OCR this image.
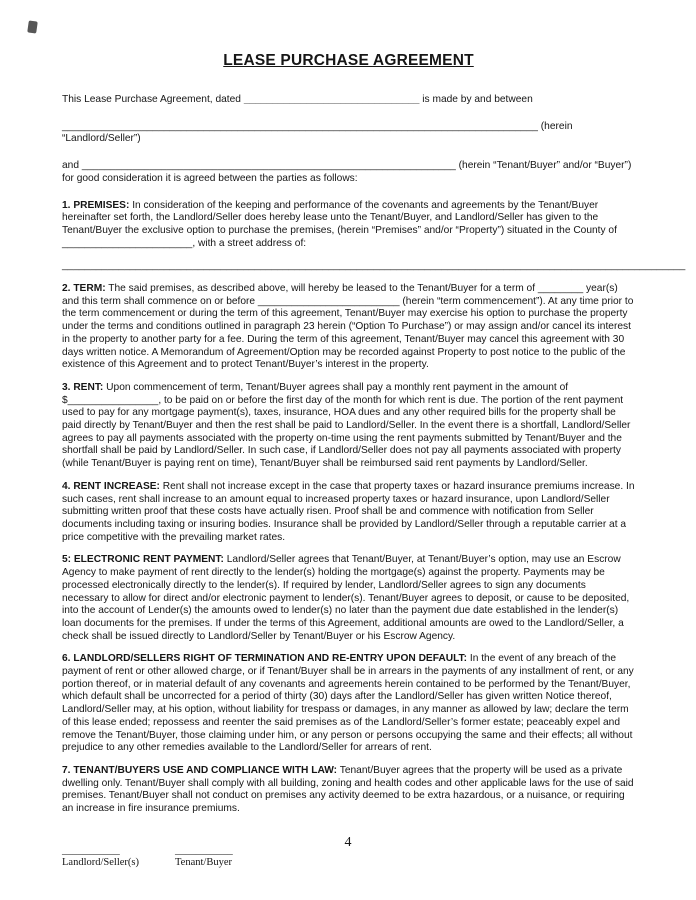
LEASE PURCHASE AGREEMENT

This Lease Purchase Agreement, dated _______________________________ is made by and between

____________________________________________________________________________________ (herein “Landlord/Seller”)

and __________________________________________________________________ (herein “Tenant/Buyer” and/or “Buyer”) for good consideration it is agreed between the parties as follows:

1. PREMISES: In consideration of the keeping and performance of the covenants and agreements by the Tenant/Buyer hereinafter set forth, the Landlord/Seller does hereby lease unto the Tenant/Buyer, and Landlord/Seller has given to the Tenant/Buyer the exclusive option to purchase the premises, (herein “Premises” and/or “Property”) situated in the County of _______________________, with a street address of:

______________________________________________________________________________________________________________

2. TERM: The said premises, as described above, will hereby be leased to the Tenant/Buyer for a term of ________ year(s) and this term shall commence on or before _________________________ (herein “term commencement”). At any time prior to the term commencement or during the term of this agreement, Tenant/Buyer may exercise his option to purchase the property under the terms and conditions outlined in paragraph 23 herein (“Option To Purchase”) or may assign and/or cancel its interest in the property to another party for a fee. During the term of this agreement, Tenant/Buyer may cancel this agreement with 30 days written notice. A Memorandum of Agreement/Option may be recorded against Property to post notice to the public of the existence of this Agreement and to protect Tenant/Buyer’s interest in the property.

3. RENT: Upon commencement of term, Tenant/Buyer agrees shall pay a monthly rent payment in the amount of $________________, to be paid on or before the first day of the month for which rent is due. The portion of the rent payment used to pay for any mortgage payment(s), taxes, insurance, HOA dues and any other required bills for the property shall be paid directly by Tenant/Buyer and then the rest shall be paid to Landlord/Seller. In the event there is a shortfall, Landlord/Seller agrees to pay all payments associated with the property on-time using the rent payments submitted by Tenant/Buyer and the shortfall shall be paid by Landlord/Seller. In such case, if Landlord/Seller does not pay all payments associated with property (while Tenant/Buyer is paying rent on time), Tenant/Buyer shall be reimbursed said rent payments by Landlord/Seller.

4. RENT INCREASE: Rent shall not increase except in the case that property taxes or hazard insurance premiums increase. In such cases, rent shall increase to an amount equal to increased property taxes or hazard insurance, upon Landlord/Seller submitting written proof that these costs have actually risen. Proof shall be and commence with notification from Seller documents including taxing or insuring bodies. Insurance shall be provided by Landlord/Seller through a reputable carrier at a price competitive with the prevailing market rates.

5: ELECTRONIC RENT PAYMENT: Landlord/Seller agrees that Tenant/Buyer, at Tenant/Buyer’s option, may use an Escrow Agency to make payment of rent directly to the lender(s) holding the mortgage(s) against the property. Payments may be processed electronically directly to the lender(s). If required by lender, Landlord/Seller agrees to sign any documents necessary to allow for direct and/or electronic payment to lender(s). Tenant/Buyer agrees to deposit, or cause to be deposited, into the account of Lender(s) the amounts owed to lender(s) no later than the payment due date established in the lender(s) loan documents for the premises. If under the terms of this Agreement, additional amounts are owed to the Landlord/Seller, a check shall be issued directly to Landlord/Seller by Tenant/Buyer or his Escrow Agency.

6. LANDLORD/SELLERS RIGHT OF TERMINATION AND RE-ENTRY UPON DEFAULT: In the event of any breach of the payment of rent or other allowed charge, or if Tenant/Buyer shall be in arrears in the payments of any installment of rent, or any portion thereof, or in material default of any covenants and agreements herein contained to be performed by the Tenant/Buyer, which default shall be uncorrected for a period of thirty (30) days after the Landlord/Seller has given written Notice thereof, Landlord/Seller may, at his option, without liability for trespass or damages, in any manner as allowed by law; declare the term of this lease ended; repossess and reenter the said premises as of the Landlord/Seller’s former estate; peaceably expel and remove the Tenant/Buyer, those claiming under him, or any person or persons occupying the same and their effects; all without prejudice to any other remedies available to the Landlord/Seller for arrears of rent.

7. TENANT/BUYERS USE AND COMPLIANCE WITH LAW: Tenant/Buyer agrees that the property will be used as a private dwelling only. Tenant/Buyer shall comply with all building, zoning and health codes and other applicable laws for the use of said premises. Tenant/Buyer shall not conduct on premises any activity deemed to be extra hazardous, or a nuisance, or requiring an increase in fire insurance premiums.

4
___________
Landlord/Seller(s)
___________
Tenant/Buyer
